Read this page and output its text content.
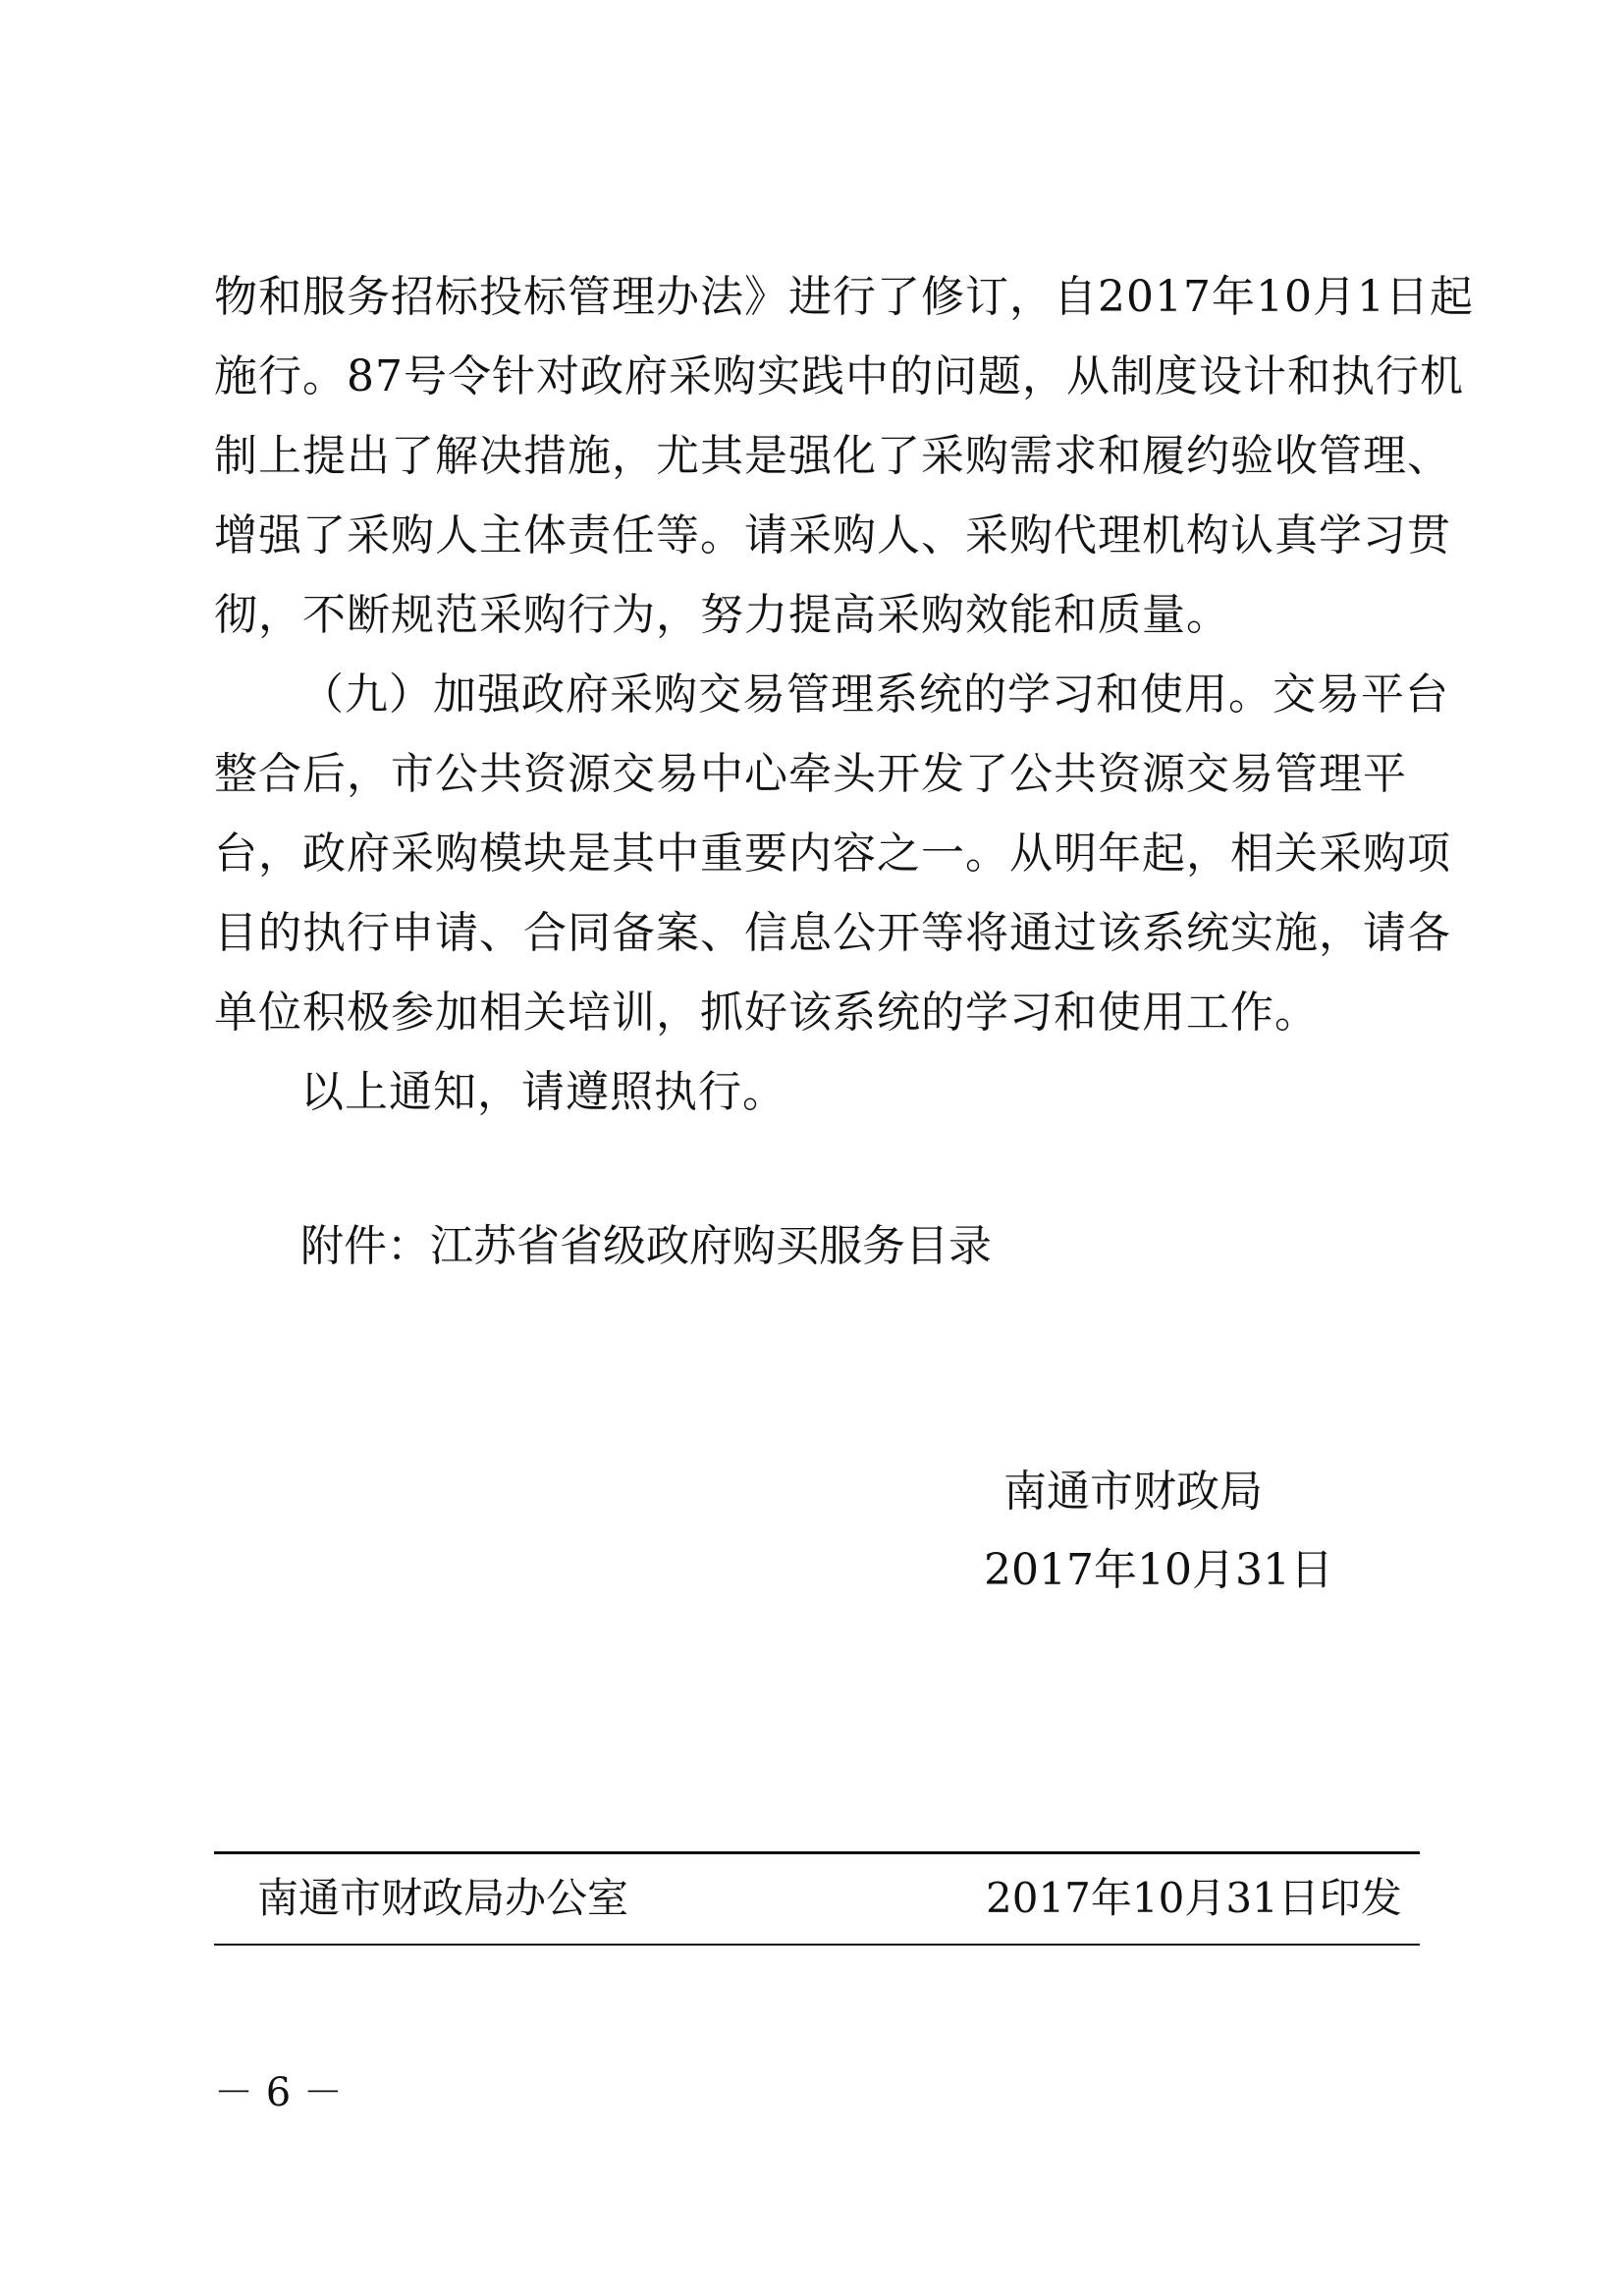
物和服务招标投标管理办法》进行了修订，自2017年10月1日起
施行。87号令针对政府采购实践中的问题，从制度设计和执行机
制上提出了解决措施，尤其是强化了采购需求和履约验收管理、
增强了采购人主体责任等。请采购人、采购代理机构认真学习贯
彻，不断规范采购行为，努力提高采购效能和质量。
（九）加强政府采购交易管理系统的学习和使用。交易平台
整合后，市公共资源交易中心牵头开发了公共资源交易管理平
台，政府采购模块是其中重要内容之一。从明年起，相关采购项
目的执行申请、合同备案、信息公开等将通过该系统实施，请各
单位积极参加相关培训，抓好该系统的学习和使用工作。
以上通知，请遵照执行。
附件：江苏省省级政府购买服务目录
南通市财政局
2017年10月31日
南通市财政局办公室	2017年10月31日印发
－ 6 －
